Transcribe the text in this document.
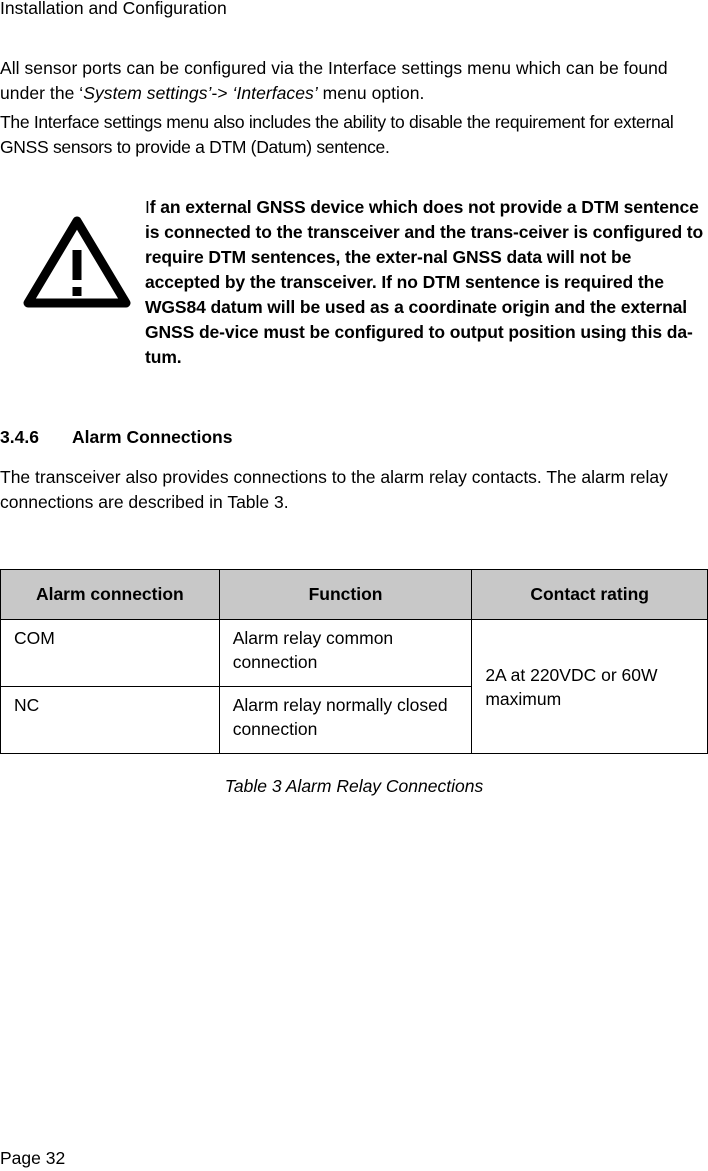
Installation and Configuration
All sensor ports can be configured via the Interface settings menu which can be found under the ‘System settings’-> ‘Interfaces’ menu option.
The Interface settings menu also includes the ability to disable the requirement for external GNSS sensors to provide a DTM (Datum) sentence.
If an external GNSS device which does not provide a DTM sentence is connected to the transceiver and the trans-ceiver is configured to require DTM sentences, the exter-nal GNSS data will not be accepted by the transceiver. If no DTM sentence is required the WGS84 datum will be used as a coordinate origin and the external GNSS de-vice must be configured to output position using this da-tum.
3.4.6 Alarm Connections
The transceiver also provides connections to the alarm relay contacts. The alarm relay connections are described in Table 3.
Alarm connection	Function	Contact rating
COM	Alarm relay common connection	2A at 220VDC or 60W maximum
NC	Alarm relay normally closed connection	
Table 3 Alarm Relay Connections
Page 32
